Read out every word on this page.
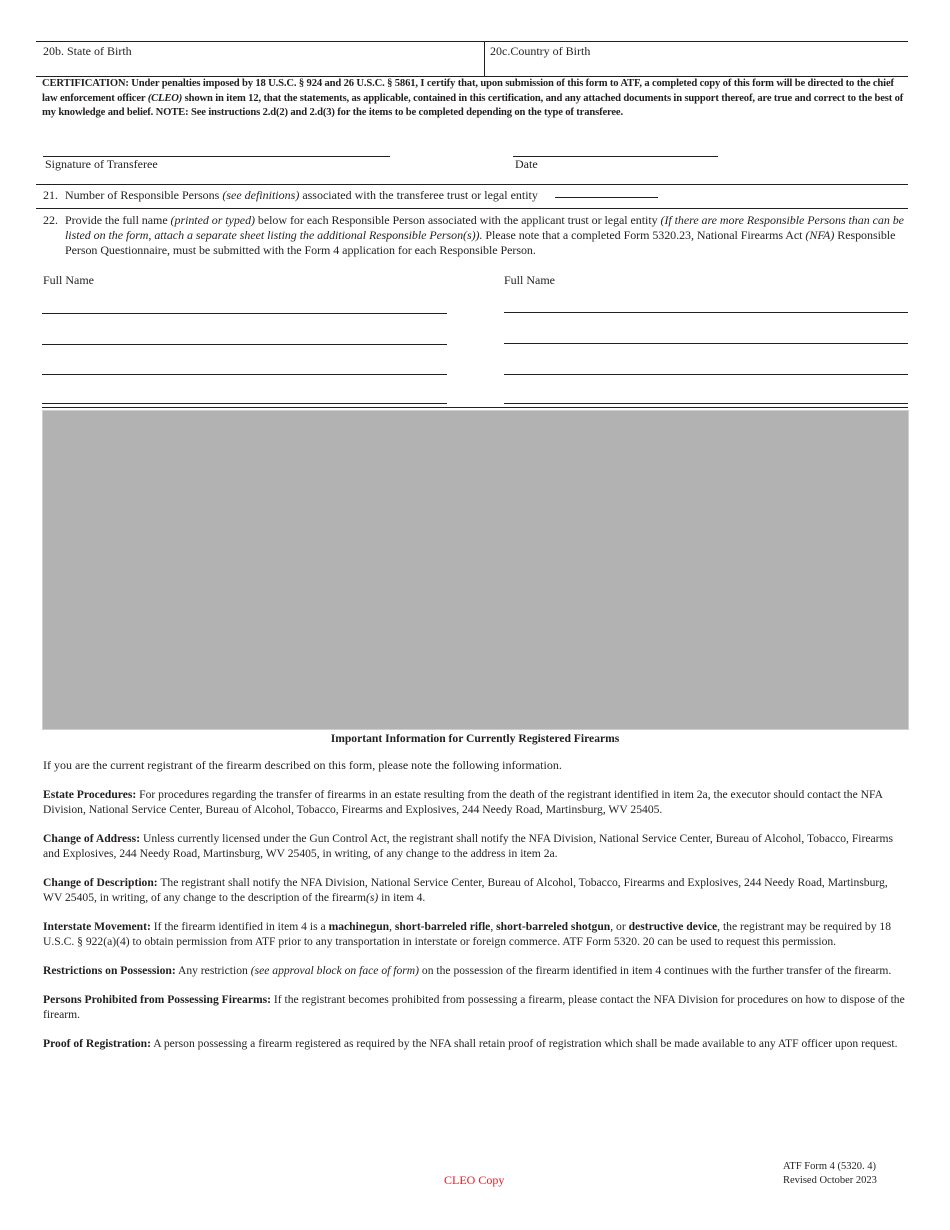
20b. State of Birth	20c.Country of Birth
CERTIFICATION: Under penalties imposed by 18 U.S.C. § 924 and 26 U.S.C. § 5861, I certify that, upon submission of this form to ATF, a completed copy of this form will be directed to the chief law enforcement officer (CLEO) shown in item 12, that the statements, as applicable, contained in this certification, and any attached documents in support thereof, are true and correct to the best of my knowledge and belief. NOTE: See instructions 2.d(2) and 2.d(3) for the items to be completed depending on the type of transferee.
Signature of Transferee	Date
21. Number of Responsible Persons (see definitions) associated with the transferee trust or legal entity
22. Provide the full name (printed or typed) below for each Responsible Person associated with the applicant trust or legal entity (If there are more Responsible Persons than can be listed on the form, attach a separate sheet listing the additional Responsible Person(s)). Please note that a completed Form 5320.23, National Firearms Act (NFA) Responsible Person Questionnaire, must be submitted with the Form 4 application for each Responsible Person.
Full Name	Full Name
Important Information for Currently Registered Firearms

If you are the current registrant of the firearm described on this form, please note the following information.

Estate Procedures: For procedures regarding the transfer of firearms in an estate resulting from the death of the registrant identified in item 2a, the executor should contact the NFA Division, National Service Center, Bureau of Alcohol, Tobacco, Firearms and Explosives, 244 Needy Road, Martinsburg, WV 25405.

Change of Address: Unless currently licensed under the Gun Control Act, the registrant shall notify the NFA Division, National Service Center, Bureau of Alcohol, Tobacco, Firearms and Explosives, 244 Needy Road, Martinsburg, WV 25405, in writing, of any change to the address in item 2a.

Change of Description: The registrant shall notify the NFA Division, National Service Center, Bureau of Alcohol, Tobacco, Firearms and Explosives, 244 Needy Road, Martinsburg, WV 25405, in writing, of any change to the description of the firearm(s) in item 4.

Interstate Movement: If the firearm identified in item 4 is a machinegun, short-barreled rifle, short-barreled shotgun, or destructive device, the registrant may be required by 18 U.S.C. § 922(a)(4) to obtain permission from ATF prior to any transportation in interstate or foreign commerce. ATF Form 5320. 20 can be used to request this permission.

Restrictions on Possession: Any restriction (see approval block on face of form) on the possession of the firearm identified in item 4 continues with the further transfer of the firearm.

Persons Prohibited from Possessing Firearms: If the registrant becomes prohibited from possessing a firearm, please contact the NFA Division for procedures on how to dispose of the firearm.

Proof of Registration: A person possessing a firearm registered as required by the NFA shall retain proof of registration which shall be made available to any ATF officer upon request.

CLEO Copy
ATF Form 4 (5320. 4)
Revised October 2023
